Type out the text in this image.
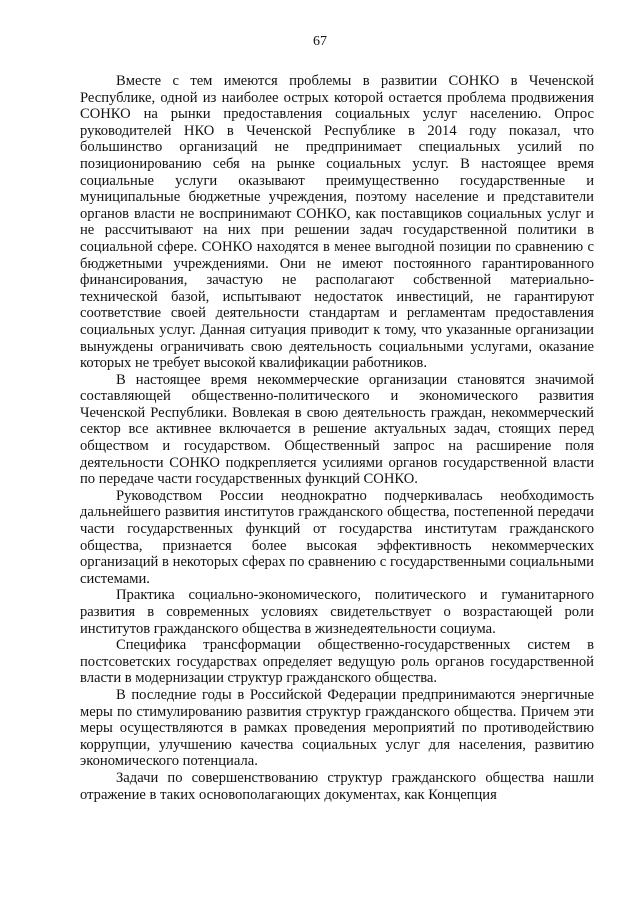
67

Вместе с тем имеются проблемы в развитии СОНКО в Чеченской Республике, одной из наиболее острых которой остается проблема продвижения СОНКО на рынки предоставления социальных услуг населению. Опрос руководителей НКО в Чеченской Республике в 2014 году показал, что большинство организаций не предпринимает специальных усилий по позиционированию себя на рынке социальных услуг. В настоящее время социальные услуги оказывают преимущественно государственные и муниципальные бюджетные учреждения, поэтому население и представители органов власти не воспринимают СОНКО, как поставщиков социальных услуг и не рассчитывают на них при решении задач государственной политики в социальной сфере. СОНКО находятся в менее выгодной позиции по сравнению с бюджетными учреждениями. Они не имеют постоянного гарантированного финансирования, зачастую не располагают собственной материально-технической базой, испытывают недостаток инвестиций, не гарантируют соответствие своей деятельности стандартам и регламентам предоставления социальных услуг. Данная ситуация приводит к тому, что указанные организации вынуждены ограничивать свою деятельность социальными услугами, оказание которых не требует высокой квалификации работников.

В настоящее время некоммерческие организации становятся значимой составляющей общественно-политического и экономического развития Чеченской Республики. Вовлекая в свою деятельность граждан, некоммерческий сектор все активнее включается в решение актуальных задач, стоящих перед обществом и государством. Общественный запрос на расширение поля деятельности СОНКО подкрепляется усилиями органов государственной власти по передаче части государственных функций СОНКО.

Руководством России неоднократно подчеркивалась необходимость дальнейшего развития институтов гражданского общества, постепенной передачи части государственных функций от государства институтам гражданского общества, признается более высокая эффективность некоммерческих организаций в некоторых сферах по сравнению с государственными социальными системами.

Практика социально-экономического, политического и гуманитарного развития в современных условиях свидетельствует о возрастающей роли институтов гражданского общества в жизнедеятельности социума.

Специфика трансформации общественно-государственных систем в постсоветских государствах определяет ведущую роль органов государственной власти в модернизации структур гражданского общества.

В последние годы в Российской Федерации предпринимаются энергичные меры по стимулированию развития структур гражданского общества. Причем эти меры осуществляются в рамках проведения мероприятий по противодействию коррупции, улучшению качества социальных услуг для населения, развитию экономического потенциала.

Задачи по совершенствованию структур гражданского общества нашли отражение в таких основополагающих документах, как Концепция
